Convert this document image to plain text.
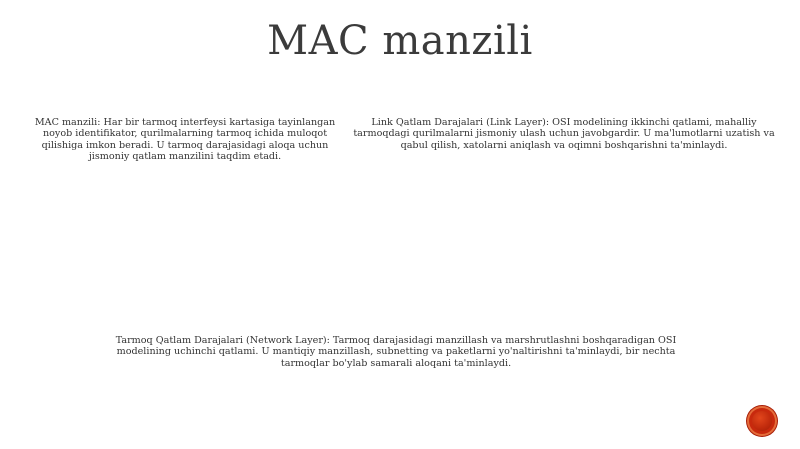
MAC manzili
MAC manzili: Har bir tarmoq interfeysi kartasiga tayinlangan noyob identifikator, qurilmalarning tarmoq ichida muloqot qilishiga imkon beradi. U tarmoq darajasidagi aloqa uchun jismoniy qatlam manzilini taqdim etadi.
Link Qatlam Darajalari (Link Layer): OSI modelining ikkinchi qatlami, mahalliy tarmoqdagi qurilmalarni jismoniy ulash uchun javobgardir. U ma'lumotlarni uzatish va qabul qilish, xatolarni aniqlash va oqimni boshqarishni ta'minlaydi.
Tarmoq Qatlam Darajalari (Network Layer): Tarmoq darajasidagi manzillash va marshrutlashni boshqaradigan OSI modelining uchinchi qatlami. U mantiqiy manzillash, subnetting va paketlarni yo'naltirishni ta'minlaydi, bir nechta tarmoqlar bo'ylab samarali aloqani ta'minlaydi.
